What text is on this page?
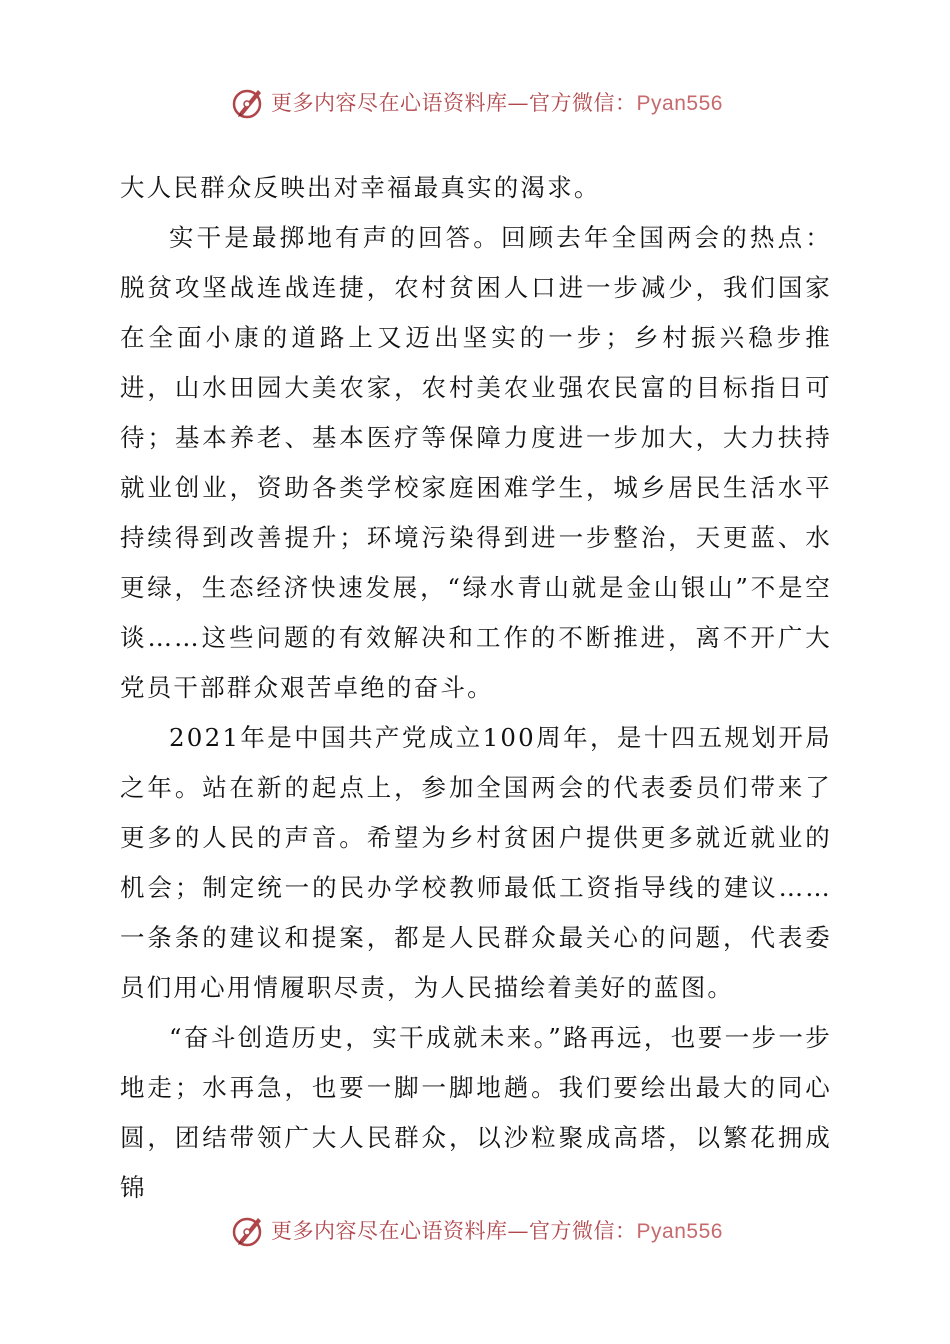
更多内容尽在心语资料库—官方微信：Pyan556

大人民群众反映出对幸福最真实的渴求。

实干是最掷地有声的回答。回顾去年全国两会的热点：脱贫攻坚战连战连捷，农村贫困人口进一步减少，我们国家在全面小康的道路上又迈出坚实的一步；乡村振兴稳步推进，山水田园大美农家，农村美农业强农民富的目标指日可待；基本养老、基本医疗等保障力度进一步加大，大力扶持就业创业，资助各类学校家庭困难学生，城乡居民生活水平持续得到改善提升；环境污染得到进一步整治，天更蓝、水更绿，生态经济快速发展，“绿水青山就是金山银山”不是空谈……这些问题的有效解决和工作的不断推进，离不开广大党员干部群众艰苦卓绝的奋斗。

2021年是中国共产党成立100周年，是十四五规划开局之年。站在新的起点上，参加全国两会的代表委员们带来了更多的人民的声音。希望为乡村贫困户提供更多就近就业的机会；制定统一的民办学校教师最低工资指导线的建议……一条条的建议和提案，都是人民群众最关心的问题，代表委员们用心用情履职尽责，为人民描绘着美好的蓝图。

“奋斗创造历史，实干成就未来。”路再远，也要一步一步地走；水再急，也要一脚一脚地趟。我们要绘出最大的同心圆，团结带领广大人民群众，以沙粒聚成高塔，以繁花拥成锦

更多内容尽在心语资料库—官方微信：Pyan556
